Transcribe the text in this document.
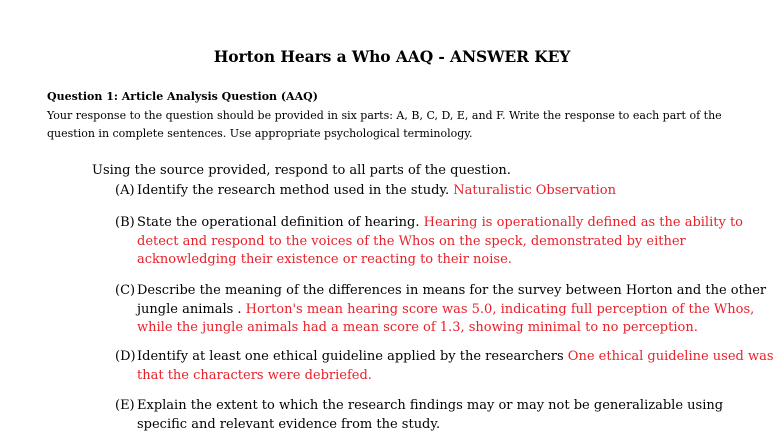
Horton Hears a Who AAQ - ANSWER KEY
Question 1: Article Analysis Question (AAQ)
Your response to the question should be provided in six parts: A, B, C, D, E, and F. Write the response to each part of the question in complete sentences. Use appropriate psychological terminology.
Using the source provided, respond to all parts of the question.
(A) Identify the research method used in the study. Naturalistic Observation
(B) State the operational definition of hearing. Hearing is operationally defined as the ability to detect and respond to the voices of the Whos on the speck, demonstrated by either acknowledging their existence or reacting to their noise.
(C) Describe the meaning of the differences in means for the survey between Horton and the other jungle animals . Horton's mean hearing score was 5.0, indicating full perception of the Whos, while the jungle animals had a mean score of 1.3, showing minimal to no perception.
(D) Identify at least one ethical guideline applied by the researchers One ethical guideline used was that the characters were debriefed.
(E) Explain the extent to which the research findings may or may not be generalizable using specific and relevant evidence from the study.
